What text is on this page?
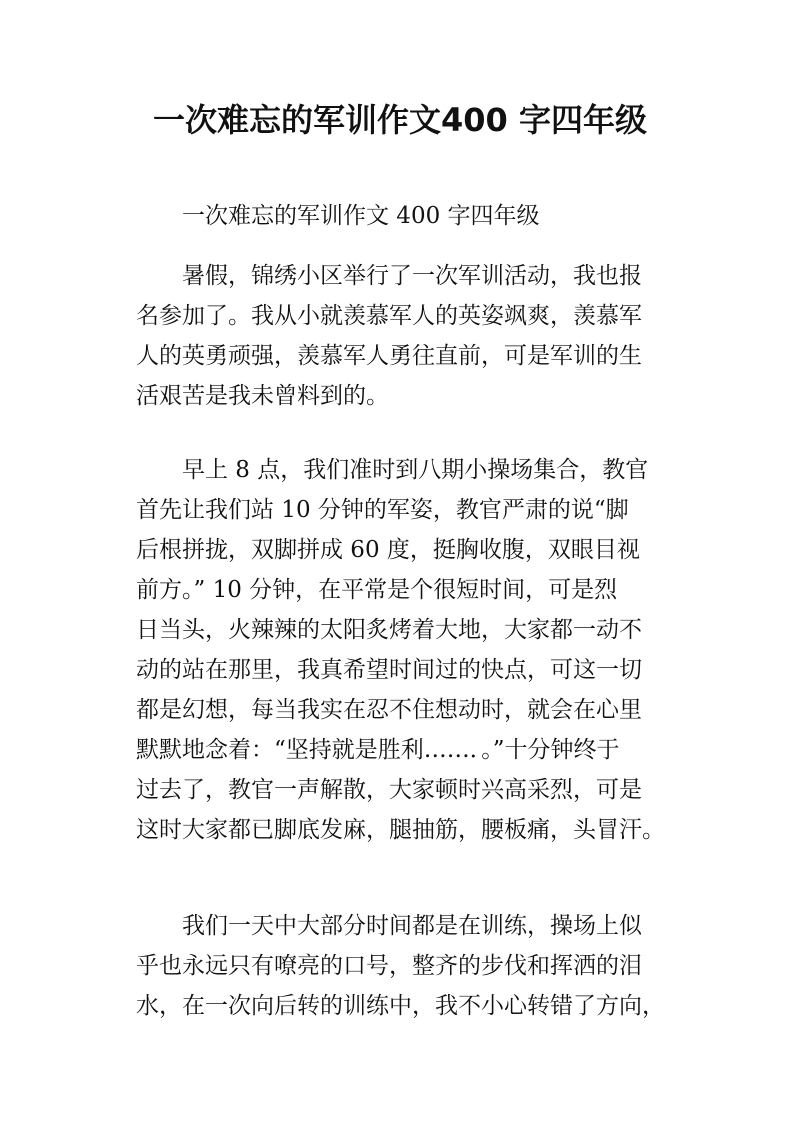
一次难忘的军训作文400 字四年级
一次难忘的军训作文 400 字四年级
暑假，锦绣小区举行了一次军训活动，我也报
名参加了。我从小就羡慕军人的英姿飒爽，羡慕军
人的英勇顽强，羡慕军人勇往直前，可是军训的生
活艰苦是我未曾料到的。
早上 8 点，我们准时到八期小操场集合，教官
首先让我们站 10 分钟的军姿，教官严肃的说“脚
后根拼拢，双脚拼成 60 度，挺胸收腹，双眼目视
前方。” 10 分钟，在平常是个很短时间，可是烈
日当头，火辣辣的太阳炙烤着大地，大家都一动不
动的站在那里，我真希望时间过的快点，可这一切
都是幻想，每当我实在忍不住想动时，就会在心里
默默地念着：“坚持就是胜利……．。”十分钟终于
过去了，教官一声解散，大家顿时兴高采烈，可是
这时大家都已脚底发麻，腿抽筋，腰板痛，头冒汗。
我们一天中大部分时间都是在训练，操场上似
乎也永远只有嘹亮的口号，整齐的步伐和挥洒的泪
水，在一次向后转的训练中，我不小心转错了方向，
